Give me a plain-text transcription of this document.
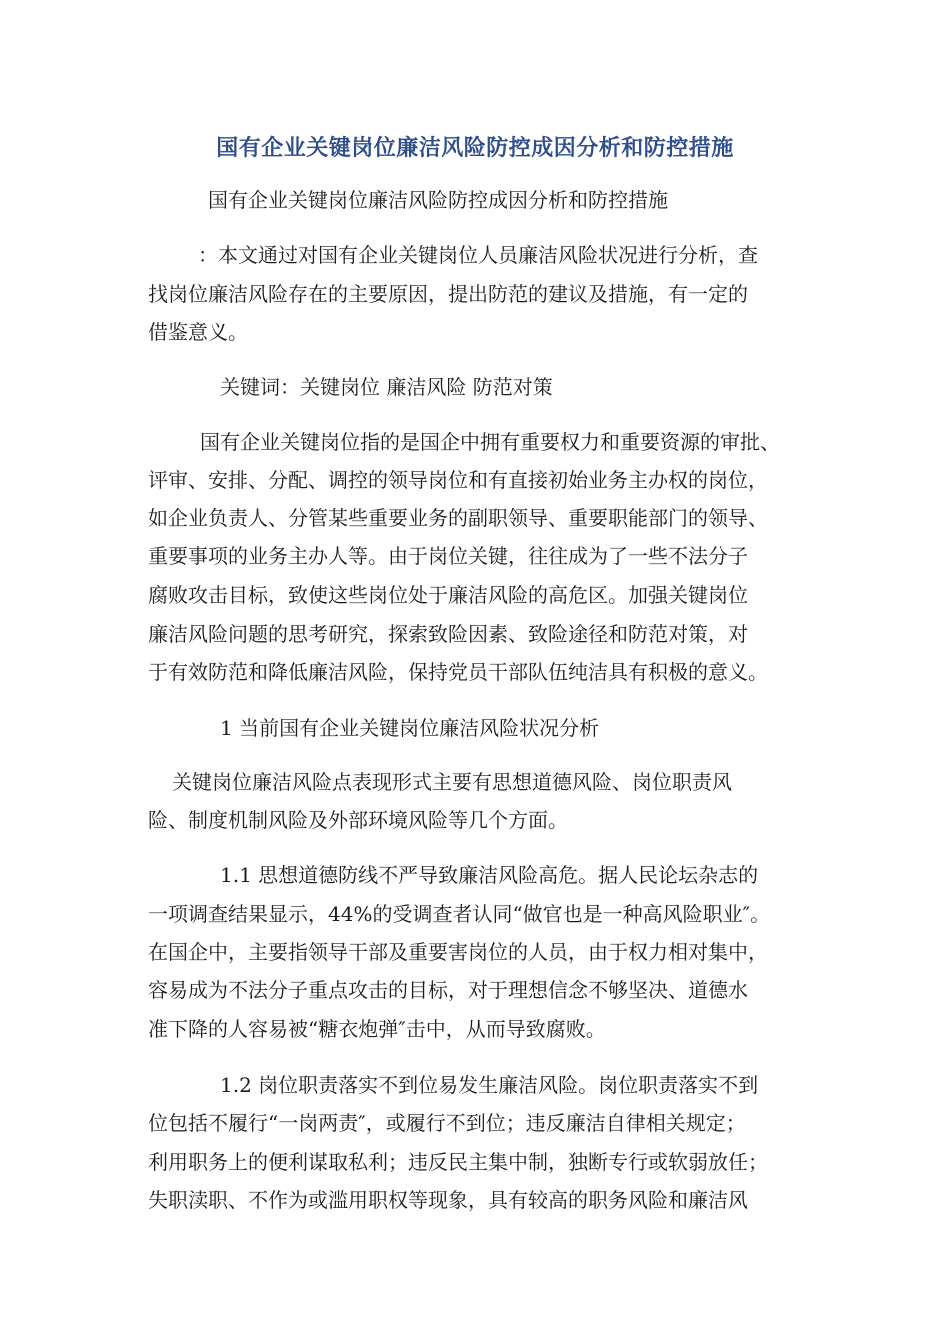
国有企业关键岗位廉洁风险防控成因分析和防控措施
国有企业关键岗位廉洁风险防控成因分析和防控措施
：本文通过对国有企业关键岗位人员廉洁风险状况进行分析，查
找岗位廉洁风险存在的主要原因，提出防范的建议及措施，有一定的
借鉴意义。
关键词：关键岗位 廉洁风险 防范对策
国有企业关键岗位指的是国企中拥有重要权力和重要资源的审批、
评审、安排、分配、调控的领导岗位和有直接初始业务主办权的岗位，
如企业负责人、分管某些重要业务的副职领导、重要职能部门的领导、
重要事项的业务主办人等。由于岗位关键，往往成为了一些不法分子
腐败攻击目标，致使这些岗位处于廉洁风险的高危区。加强关键岗位
廉洁风险问题的思考研究，探索致险因素、致险途径和防范对策，对
于有效防范和降低廉洁风险，保持党员干部队伍纯洁具有积极的意义。
1 当前国有企业关键岗位廉洁风险状况分析
关键岗位廉洁风险点表现形式主要有思想道德风险、岗位职责风
险、制度机制风险及外部环境风险等几个方面。
1.1 思想道德防线不严导致廉洁风险高危。据人民论坛杂志的
一项调查结果显示，44%的受调查者认同“做官也是一种高风险职业″。
在国企中，主要指领导干部及重要害岗位的人员，由于权力相对集中，
容易成为不法分子重点攻击的目标，对于理想信念不够坚决、道德水
准下降的人容易被“糖衣炮弹″击中，从而导致腐败。
1.2 岗位职责落实不到位易发生廉洁风险。岗位职责落实不到
位包括不履行“一岗两责″，或履行不到位；违反廉洁自律相关规定；
利用职务上的便利谋取私利；违反民主集中制，独断专行或软弱放任；
失职渎职、不作为或滥用职权等现象，具有较高的职务风险和廉洁风
